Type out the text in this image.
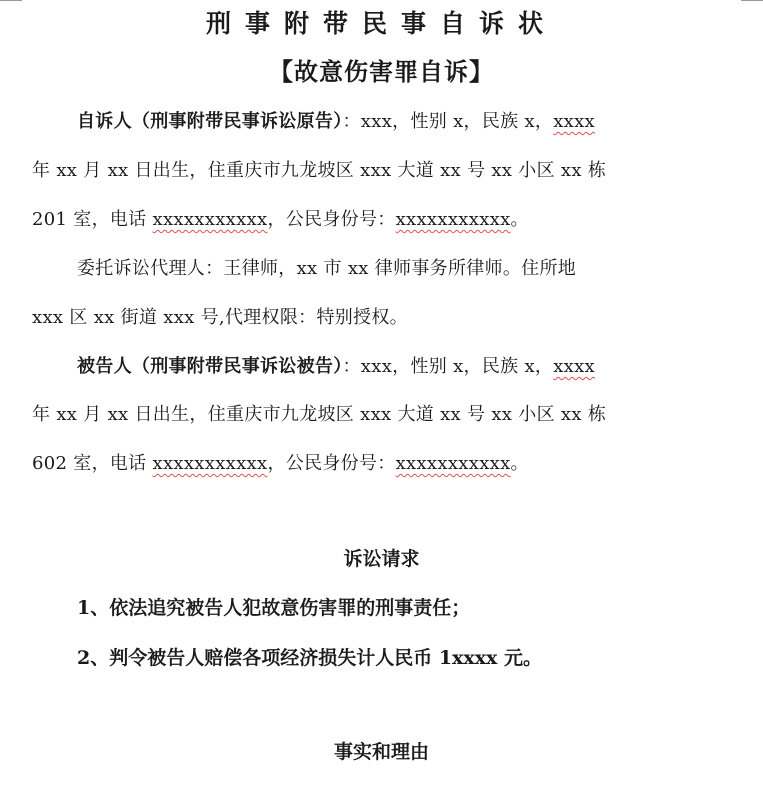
刑事附带民事自诉状
【故意伤害罪自诉】
自诉人（刑事附带民事诉讼原告）：xxx，性别 x，民族 x，xxxx
年 xx 月 xx 日出生，住重庆市九龙坡区 xxx 大道 xx 号 xx 小区 xx 栋
201 室，电话 xxxxxxxxxxx，公民身份号：xxxxxxxxxxx。
委托诉讼代理人：王律师，xx 市 xx 律师事务所律师。住所地
xxx 区 xx 街道 xxx 号,代理权限：特别授权。
被告人（刑事附带民事诉讼被告）：xxx，性别 x，民族 x，xxxx
年 xx 月 xx 日出生，住重庆市九龙坡区 xxx 大道 xx 号 xx 小区 xx 栋
602 室，电话 xxxxxxxxxxx，公民身份号：xxxxxxxxxxx。
诉讼请求
1、依法追究被告人犯故意伤害罪的刑事责任；
2、判令被告人赔偿各项经济损失计人民币 1xxxx 元。
事实和理由
